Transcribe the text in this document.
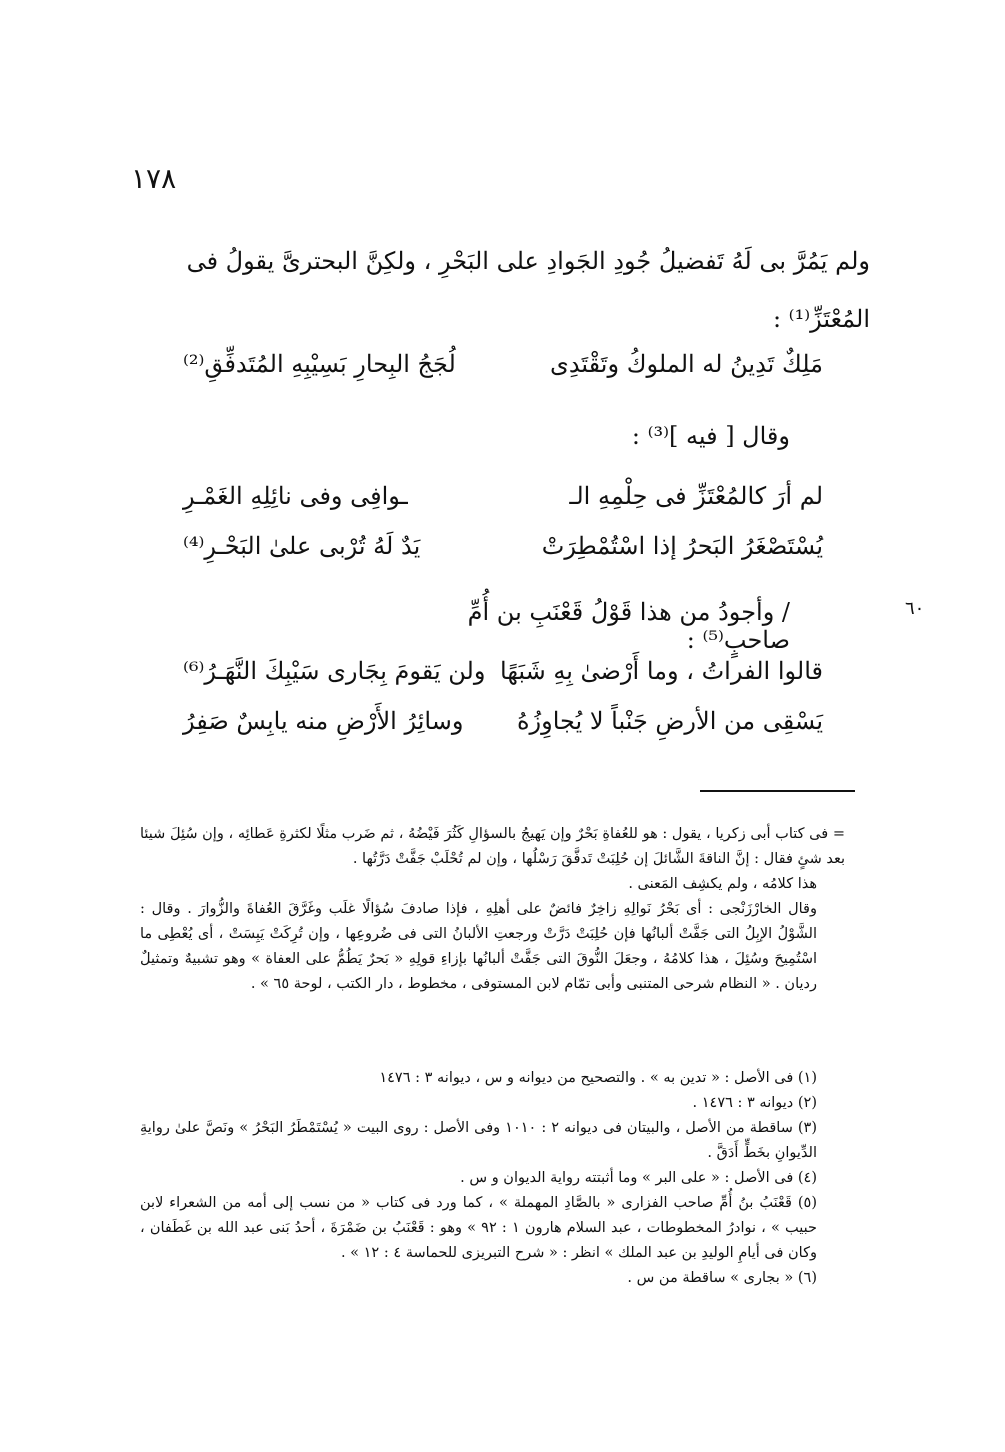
١٧٨
ولم يَمُرَّ بى لَهُ تَفضيلُ جُودِ الجَوادِ على البَحْرِ ، ولكِنَّ البحترىَّ يقولُ فى المُعْتَزِّ⁽¹⁾ :
مَلِكٌ تَدِينُ له الملوكُ وتَقْتَدِى
لُجَجُ البِحارِ بَسِيْبِهِ المُتَدفِّقِ⁽²⁾
وقال [ فيه ]⁽³⁾ :
لم أرَ كالمُعْتَزِّ فى حِلْمِهِ الـ
ـوافِى وفى نائِلِهِ الغَمْـرِ
يُسْتَصْغَرُ البَحرُ إذا اسْتُمْطِرَتْ
يَدٌ لَهُ تُرْبى علىٰ البَحْـرِ⁽⁴⁾
/ وأجودُ من هذا قَوْلُ قَعْنَبِ بن أُمِّ صاحبٍ⁽⁵⁾ :
٦٠
قالوا الفراتُ ، وما أَرْضىٰ بِهِ شَبَهًا
ولن يَقومَ بِجَارى سَيْبِكَ النَّهَـرُ⁽⁶⁾
يَسْقِى من الأرضِ جَنْباً لا يُجاوِزُهُ
وسائِرُ الأَرْضِ منه يابِسٌ صَفِرُ

= فى كتاب أبى زكريا ، يقول : هو للعُفاةِ بَحْرٌ وإن يَهيجُ بالسؤالِ كَثُرَ فَيْضُهُ ، ثم ضَرب مثلًا لكثرةِ عَطائِه ، وإن سُئِلَ شيئا بعد شئٍ فقال : إنَّ الناقةَ الشَّائلَ إن حُلِبَتْ تَدفَّقَ رَسْلُها ، وإن لم تُحْلَبْ جَفَّتْ دَرَّتُها .

هذا كلامُه ، ولم يكشِف المَعنى .

وقال الخارْزَنْجى : أى بَحْرُ نَوالِهِ زاخِرٌ فائضٌ على أهلِهِ ، فإذا صادفَ سُؤالًا غلَب وغَرَّقَ العُفاةَ والزُّوارَ . وقال : الشَّوْلُ الإبِلُ التى جَفَّتْ ألبانُها فإن حُلِبَتْ دَرَّتْ ورجعتِ الألبانُ التى فى ضُروعِها ، وإن تُرِكَتْ يَبِسَتْ ، أى يُعْطِى ما اسْتُمِيحَ وسُئِلَ ، هذا كلامُهُ ، وجعَلَ النُّوقَ التى جَفَّتْ ألبانُها بإزاءِ قولِهِ « بَحرٌ يَطُمُّ على العفاة » وهو تشبيهٌ وتمثيلٌ رديان . « النظام شرحى المتنبى وأبى تمّام لابن المستوفى ، مخطوط ، دار الكتب ، لوحة ٦٥ » .

(١) فى الأصل : « تدين به » . والتصحيح من ديوانه و س ، ديوانه ٣ : ١٤٧٦

(٢) ديوانه ٣ : ١٤٧٦ .

(٣) ساقطة من الأصل ، والبيتان فى ديوانه ٢ : ١٠١٠ وفى الأصل : روى البيت « يُسْتَمْطَرُ البَحْرُ » ونَصَّ علىٰ روايةِ الدِّيوانِ بخَطٍّ أَدَقَّ .

(٤) فى الأصل : « على البر » وما أثبتته رواية الديوان و س .

(٥) قَعْنَبُ بنُ أُمِّ صاحب الفزارى « بالصَّادِ المهملة » ، كما ورد فى كتاب « من نسب إلى أمه من الشعراء لابن حبيب » ، نوادرُ المخطوطات ، عبد السلام هارون ١ : ٩٢ » وهو : قَعْنَبُ بن ضَمْرَةَ ، أحدُ بَنى عبد الله بن غَطَفان ، وكان فى أيامِ الوليدِ بن عبد الملك » انظر : « شرح التبريزى للحماسة ٤ : ١٢ » .

(٦) « بجارى » ساقطة من س .
